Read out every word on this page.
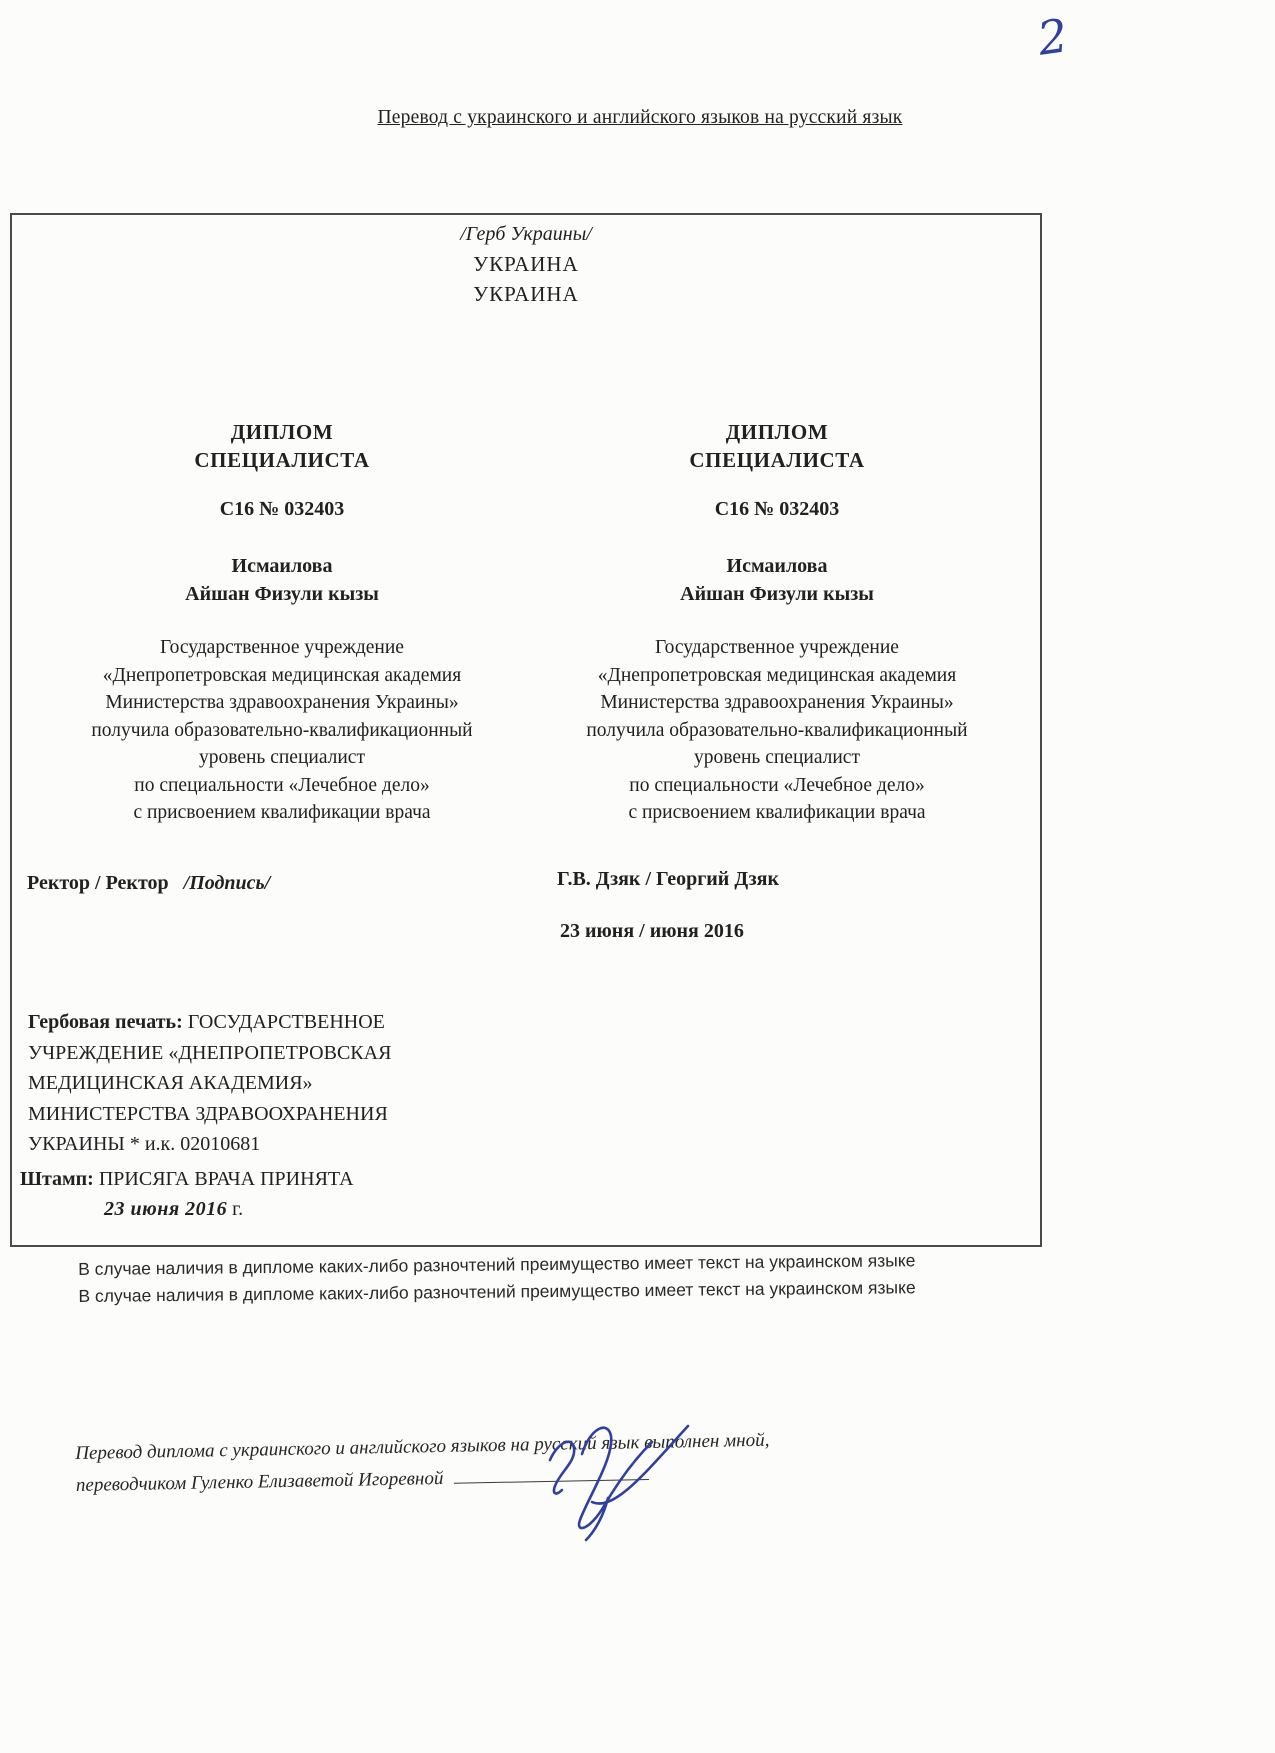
2
Перевод с украинского и английского языков на русский язык
/Герб Украины/
УКРАИНА
УКРАИНА
ДИПЛОМ
СПЕЦИАЛИСТА
С16 № 032403
Исмаилова
Айшан Физули кызы
Государственное учреждение
«Днепропетровская медицинская академия
Министерства здравоохранения Украины»
получила образовательно-квалификационный
уровень специалист
по специальности «Лечебное дело»
с присвоением квалификации врача
ДИПЛОМ
СПЕЦИАЛИСТА
С16 № 032403
Исмаилова
Айшан Физули кызы
Государственное учреждение
«Днепропетровская медицинская академия
Министерства здравоохранения Украины»
получила образовательно-квалификационный
уровень специалист
по специальности «Лечебное дело»
с присвоением квалификации врача
Ректор / Ректор /Подпись/	Г.В. Дзяк / Георгий Дзяк
23 июня / июня 2016
Гербовая печать: ГОСУДАРСТВЕННОЕ
УЧРЕЖДЕНИЕ «ДНЕПРОПЕТРОВСКАЯ
МЕДИЦИНСКАЯ АКАДЕМИЯ»
МИНИСТЕРСТВА ЗДРАВООХРАНЕНИЯ
УКРАИНЫ * и.к. 02010681
Штамп: ПРИСЯГА ВРАЧА ПРИНЯТА
23 июня 2016 г.
В случае наличия в дипломе каких-либо разночтений преимущество имеет текст на украинском языке
В случае наличия в дипломе каких-либо разночтений преимущество имеет текст на украинском языке
Перевод диплома с украинского и английского языков на русский язык выполнен мной,
переводчиком Гуленко Елизаветой Игоревной
